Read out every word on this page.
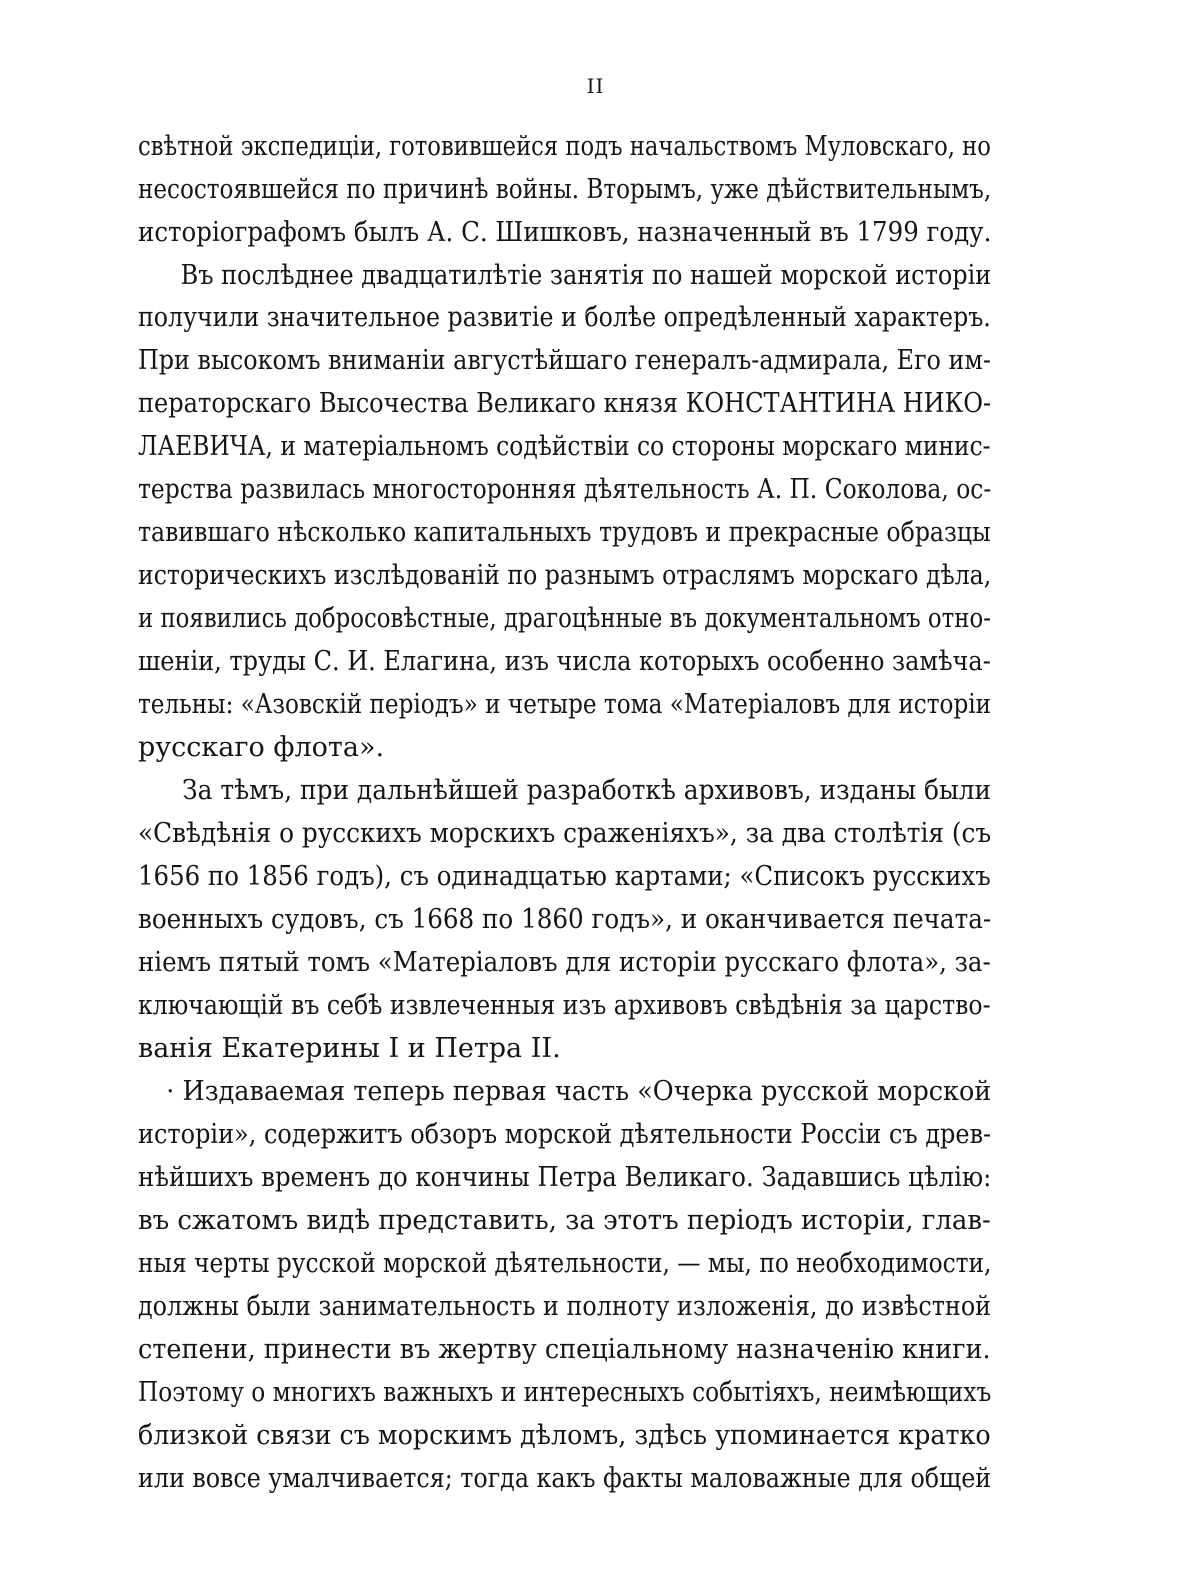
II
свѣтной экспедиціи, готовившейся подъ начальствомъ Муловскаго, но
несостоявшейся по причинѣ войны. Вторымъ, уже дѣйствительнымъ,
исторіографомъ былъ А. С. Шишковъ, назначенный въ 1799 году.
Въ послѣднее двадцатилѣтіе занятія по нашей морской исторіи
получили значительное развитіе и болѣе опредѣленный характеръ.
При высокомъ вниманіи августѣйшаго генералъ-адмирала, Его им-
ператорскаго Высочества Великаго князя КОНСТАНТИНА НИКО-
ЛАЕВИЧА, и матеріальномъ содѣйствіи со стороны морскаго минис-
терства развилась многосторонняя дѣятельность А. П. Соколова, ос-
тавившаго нѣсколько капитальныхъ трудовъ и прекрасные образцы
историческихъ изслѣдованій по разнымъ отраслямъ морскаго дѣла,
и появились добросовѣстные, драгоцѣнные въ документальномъ отно-
шеніи, труды С. И. Елагина, изъ числа которыхъ особенно замѣча-
тельны: «Азовскій періодъ» и четыре тома «Матеріаловъ для исторіи
русскаго флота».
За тѣмъ, при дальнѣйшей разработкѣ архивовъ, изданы были
«Свѣдѣнія о русскихъ морскихъ сраженіяхъ», за два столѣтія (съ
1656 по 1856 годъ), съ одинадцатью картами; «Списокъ русскихъ
военныхъ судовъ, съ 1668 по 1860 годъ», и оканчивается печата-
ніемъ пятый томъ «Матеріаловъ для исторіи русскаго флота», за-
ключающій въ себѣ извлеченныя изъ архивовъ свѣдѣнія за царство-
ванія Екатерины I и Петра II.
· Издаваемая теперь первая часть «Очерка русской морской
исторіи», содержитъ обзоръ морской дѣятельности Россіи съ древ-
нѣйшихъ временъ до кончины Петра Великаго. Задавшись цѣлію:
въ сжатомъ видѣ представить, за этотъ періодъ исторіи, глав-
ныя черты русской морской дѣятельности, — мы, по необходимости,
должны были занимательность и полноту изложенія, до извѣстной
степени, принести въ жертву спеціальному назначенію книги.
Поэтому о многихъ важныхъ и интересныхъ событіяхъ, неимѣющихъ
близкой связи съ морскимъ дѣломъ, здѣсь упоминается кратко
или вовсе умалчивается; тогда какъ факты маловажные для общей
